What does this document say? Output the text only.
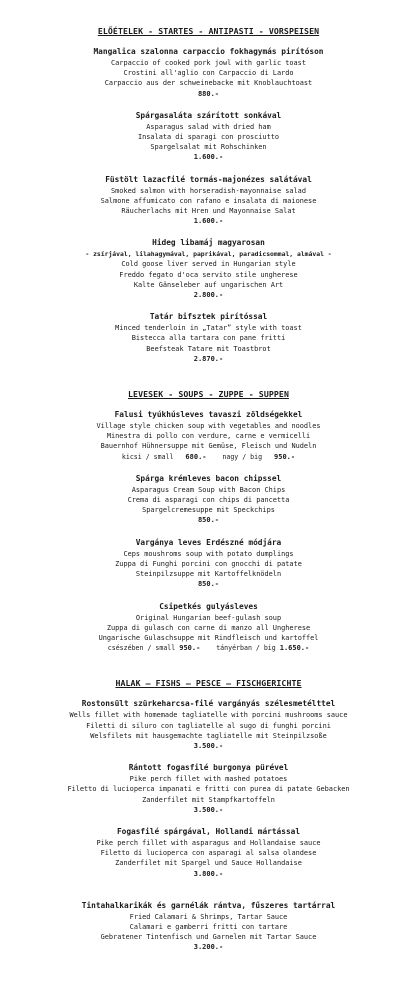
ELŐÉTELEK - STARTES - ANTIPASTI - VORSPEISEN
Mangalica szalonna carpaccio fokhagymás pirítóson
Carpaccio of cooked pork jowl with garlic toast
Crostini all'aglio con Carpaccio di Lardo
Carpaccio aus der schweinebacke mit Knoblauchtoast
880.-
Spárgasaláta szárított sonkával
Asparagus salad with dried ham
Insalata di sparagi con prosciutto
Spargelsalat mit Rohschinken
1.600.-
Füstölt lazacfilé tormás-majonézes salátával
Smoked salmon with horseradish-mayonnaise salad
Salmone affumicato con rafano e insalata di maionese
Räucherlachs mit Hren und Mayonnaise Salat
1.600.-
Hideg libamáj magyarosan
- zsírjával, lilahagymával, paprikával, paradicsommal, almával -
Cold goose liver served in Hungarian style
Freddo fegato d'oca servito stile ungherese
Kalte Gänseleber auf ungarischen Art
2.800.-
Tatár bifsztek pirítóssal
Minced tenderloin in „Tatar” style with toast
Bistecca alla tartara con pane fritti
Beefsteak Tatare mit Toastbrot
2.870.-
LEVESEK - SOUPS - ZUPPE - SUPPEN
Falusi tyúkhúsleves tavaszi zöldségekkel
Village style chicken soup with vegetables and noodles
Minestra di pollo con verdure, carne e vermicelli
Bauernhof Hühnersuppe mit Gemüse, Fleisch und Nudeln
kicsi / small 680.- nagy / big 950.-
Spárga krémleves bacon chipssel
Asparagus Cream Soup with Bacon Chips
Crema di asparagi con chips di pancetta
Spargelcremesuppe mit Speckchips
850.-
Vargánya leves Erdészné módjára
Ceps moushroms soup with potato dumplings
Zuppa di Funghi porcini con gnocchi di patate
Steinpilzsuppe mit Kartoffelknödeln
850.-
Csipetkés gulyásleves
Original Hungarian beef-gulash soup
Zuppa di gulasch con carne di manzo all Ungherese
Ungarische Gulaschsuppe mit Rindfleisch und kartoffel
csészében / small 950.- tányérban / big 1.650.-
HALAK – FISHS – PESCE – FISCHGERICHTE
Rostonsült szürkeharcsa-filé vargányás szélesmetélttel
Wells fillet with homemade tagliatelle with porcini mushrooms sauce
Filetti di siluro con tagliatelle al sugo di funghi porcini
Welsfilets mit hausgemachte tagliatelle mit Steinpilzsoße
3.500.-
Rántott fogasfilé burgonya pürével
Pike perch fillet with mashed potatoes
Filetto di lucioperca impanati e fritti con purea di patate Gebacken
Zanderfilet mit Stampfkartoffeln
3.500.-
Fogasfilé spárgával, Hollandi mártással
Pike perch fillet with asparagus and Hollandaise sauce
Filetto di lucioperca con asparagi al salsa olandese
Zanderfilet mit Spargel und Sauce Hollandaise
3.800.-
Tintahalkarikák és garnélák rántva, fűszeres tartárral
Fried Calamari & Shrimps, Tartar Sauce
Calamari e gamberri fritti con tartare
Gebratener Tintenfisch und Garnelen mit Tartar Sauce
3.200.-
